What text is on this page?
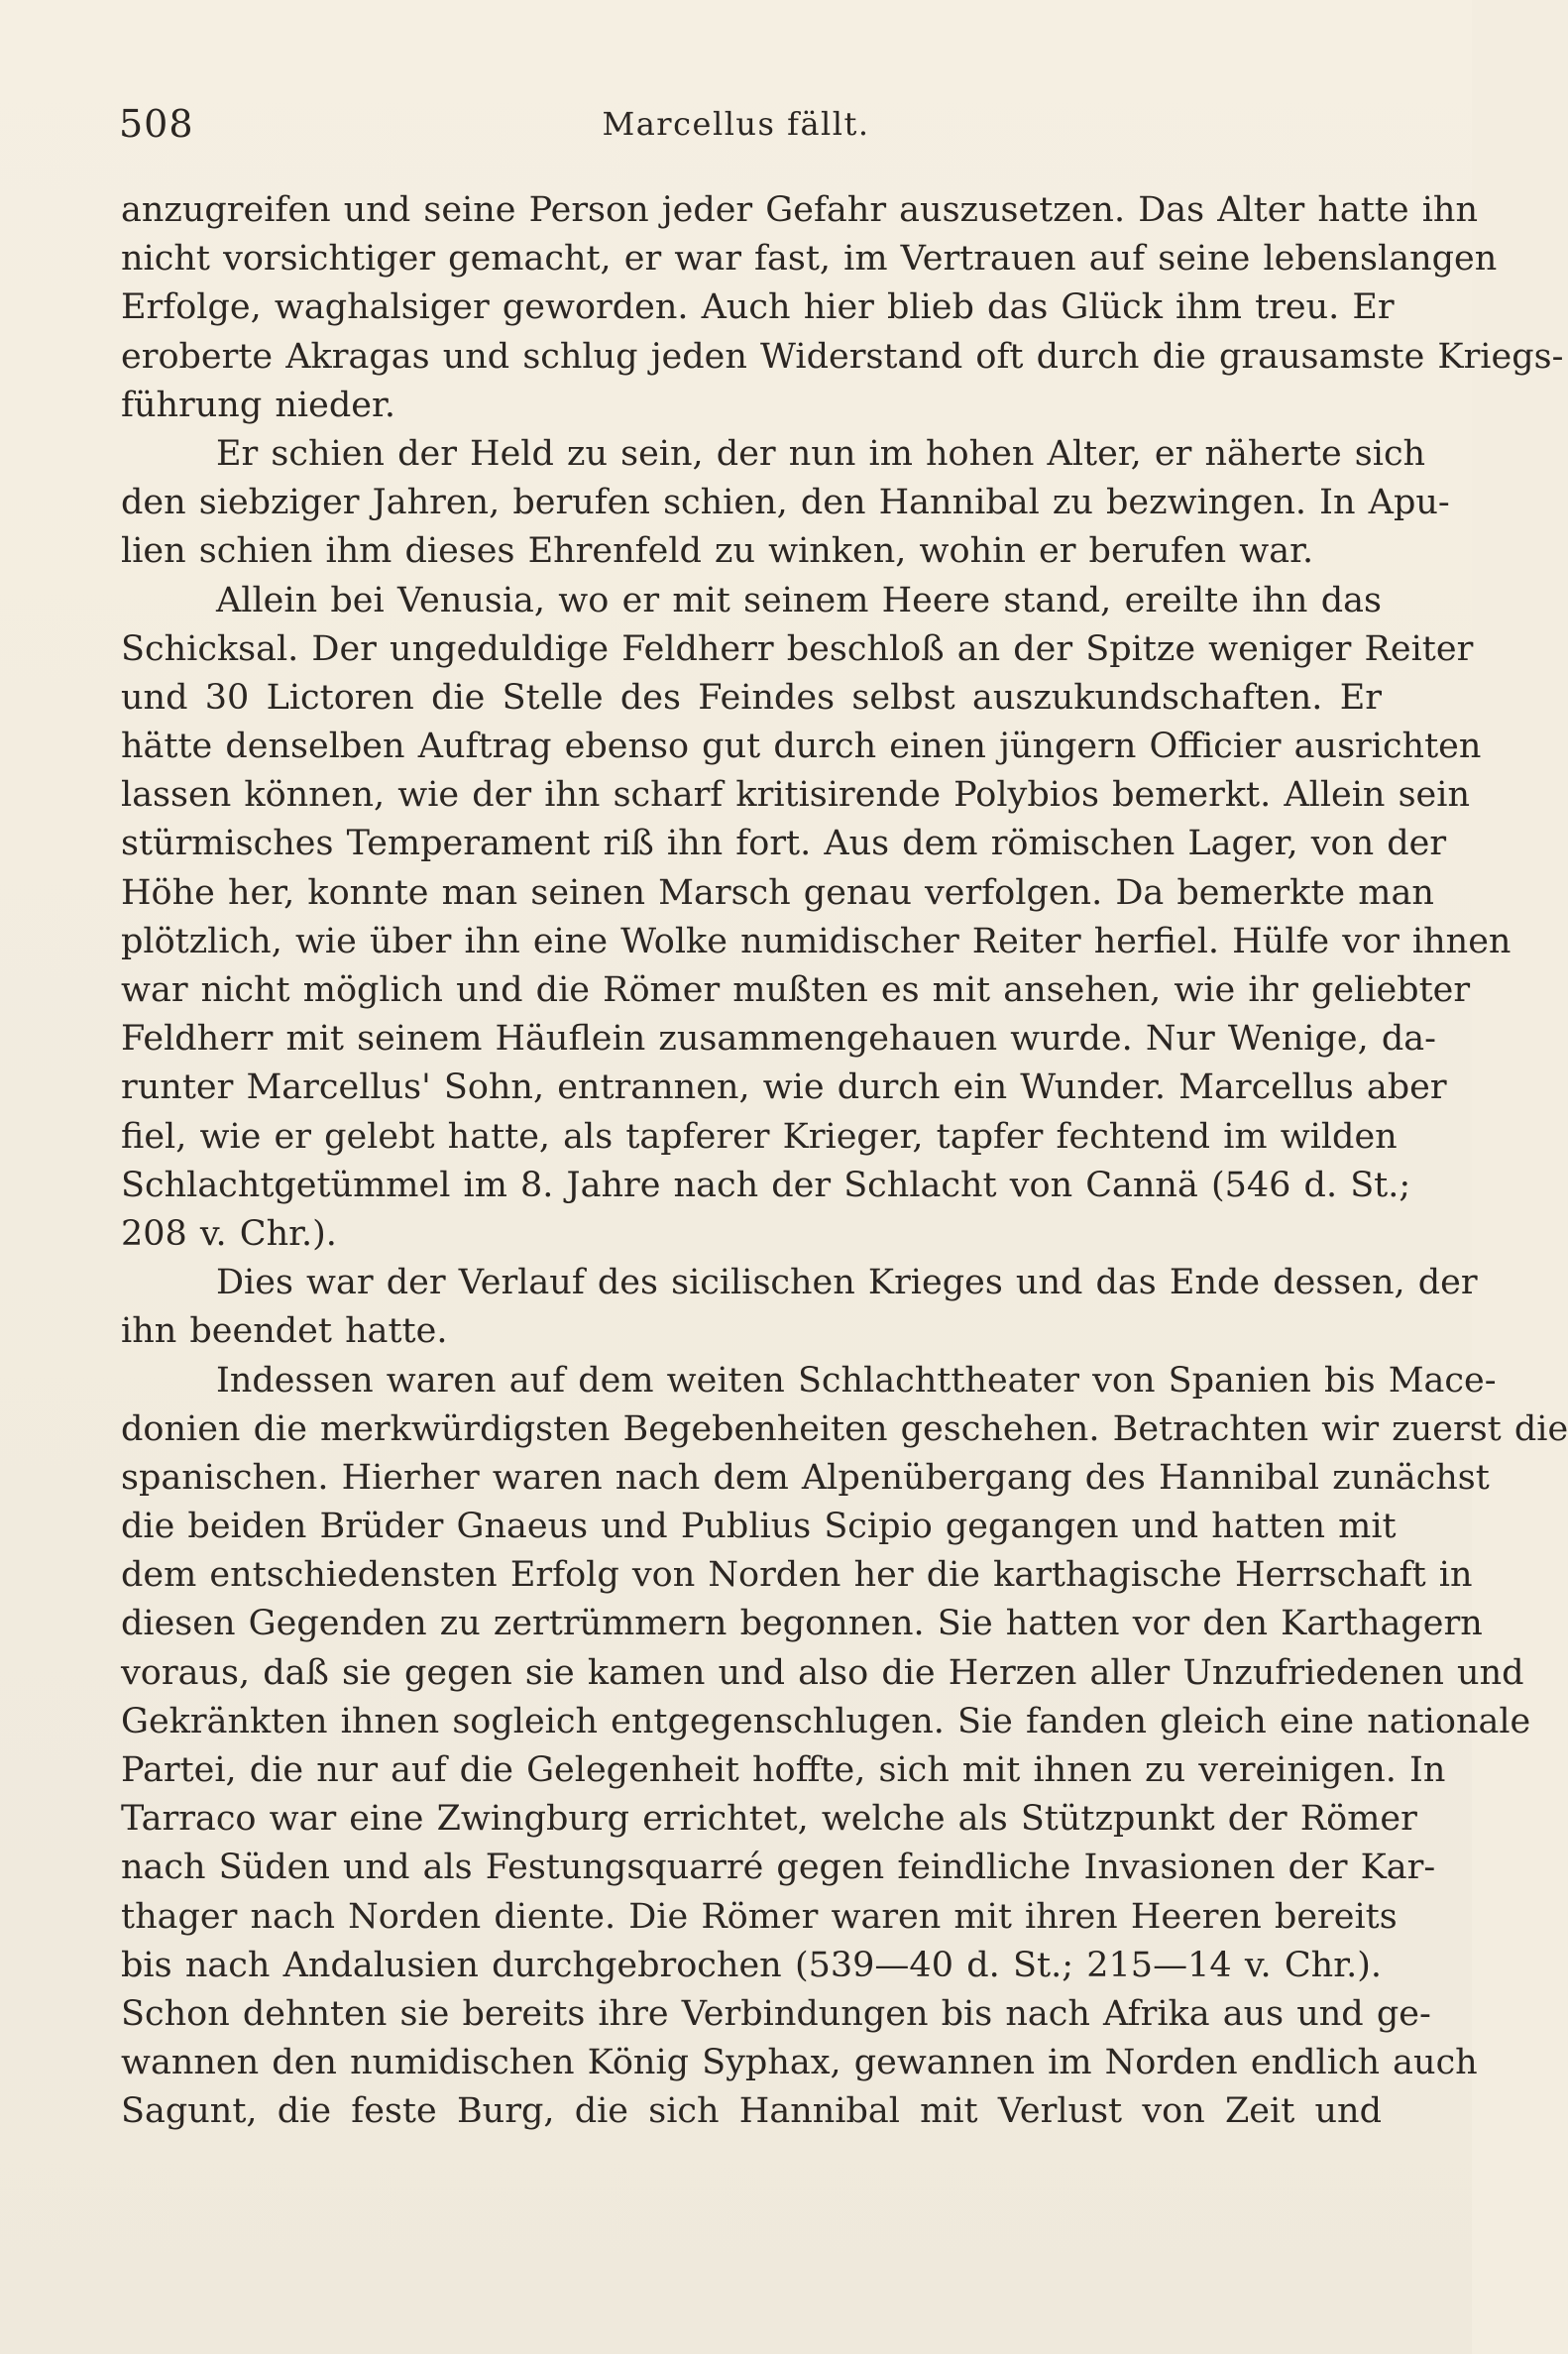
508	Marcellus fällt.
anzugreifen und seine Person jeder Gefahr auszusetzen. Das Alter hatte ihn
nicht vorsichtiger gemacht, er war fast, im Vertrauen auf seine lebenslangen
Erfolge, waghalsiger geworden. Auch hier blieb das Glück ihm treu. Er
eroberte Akragas und schlug jeden Widerstand oft durch die grausamste Kriegs-
führung nieder.
Er schien der Held zu sein, der nun im hohen Alter, er näherte sich
den siebziger Jahren, berufen schien, den Hannibal zu bezwingen. In Apu-
lien schien ihm dieses Ehrenfeld zu winken, wohin er berufen war.
Allein bei Venusia, wo er mit seinem Heere stand, ereilte ihn das
Schicksal. Der ungeduldige Feldherr beschloß an der Spitze weniger Reiter
und 30 Lictoren die Stelle des Feindes selbst auszukundschaften. Er
hätte denselben Auftrag ebenso gut durch einen jüngern Officier ausrichten
lassen können, wie der ihn scharf kritisirende Polybios bemerkt. Allein sein
stürmisches Temperament riß ihn fort. Aus dem römischen Lager, von der
Höhe her, konnte man seinen Marsch genau verfolgen. Da bemerkte man
plötzlich, wie über ihn eine Wolke numidischer Reiter herfiel. Hülfe vor ihnen
war nicht möglich und die Römer mußten es mit ansehen, wie ihr geliebter
Feldherr mit seinem Häuflein zusammengehauen wurde. Nur Wenige, da-
runter Marcellus' Sohn, entrannen, wie durch ein Wunder. Marcellus aber
fiel, wie er gelebt hatte, als tapferer Krieger, tapfer fechtend im wilden
Schlachtgetümmel im 8. Jahre nach der Schlacht von Cannä (546 d. St.;
208 v. Chr.).
Dies war der Verlauf des sicilischen Krieges und das Ende dessen, der
ihn beendet hatte.
Indessen waren auf dem weiten Schlachttheater von Spanien bis Mace-
donien die merkwürdigsten Begebenheiten geschehen. Betrachten wir zuerst die
spanischen. Hierher waren nach dem Alpenübergang des Hannibal zunächst
die beiden Brüder Gnaeus und Publius Scipio gegangen und hatten mit
dem entschiedensten Erfolg von Norden her die karthagische Herrschaft in
diesen Gegenden zu zertrümmern begonnen. Sie hatten vor den Karthagern
voraus, daß sie gegen sie kamen und also die Herzen aller Unzufriedenen und
Gekränkten ihnen sogleich entgegenschlugen. Sie fanden gleich eine nationale
Partei, die nur auf die Gelegenheit hoffte, sich mit ihnen zu vereinigen. In
Tarraco war eine Zwingburg errichtet, welche als Stützpunkt der Römer
nach Süden und als Festungsquarré gegen feindliche Invasionen der Kar-
thager nach Norden diente. Die Römer waren mit ihren Heeren bereits
bis nach Andalusien durchgebrochen (539—40 d. St.; 215—14 v. Chr.).
Schon dehnten sie bereits ihre Verbindungen bis nach Afrika aus und ge-
wannen den numidischen König Syphax, gewannen im Norden endlich auch
Sagunt, die feste Burg, die sich Hannibal mit Verlust von Zeit und
